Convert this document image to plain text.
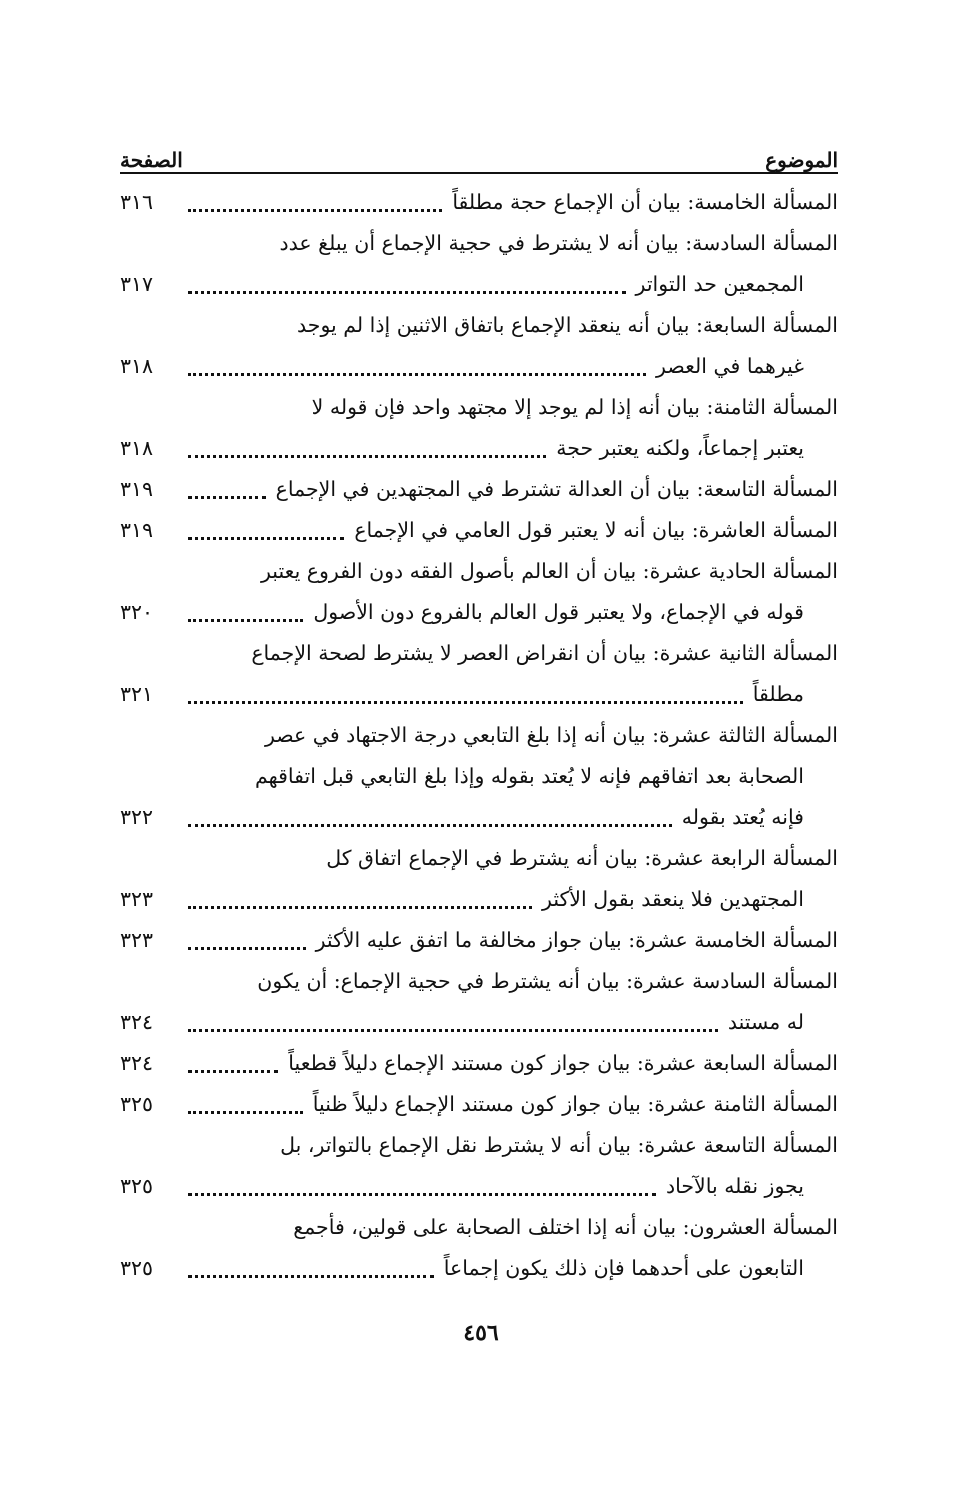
الموضوع
الصفحة
المسألة الخامسة: بيان أن الإجماع حجة مطلقاً
٣١٦
المسألة السادسة: بيان أنه لا يشترط في حجية الإجماع أن يبلغ عدد
المجمعين حد التواتر
٣١٧
المسألة السابعة: بيان أنه ينعقد الإجماع باتفاق الاثنين إذا لم يوجد
غيرهما في العصر
٣١٨
المسألة الثامنة: بيان أنه إذا لم يوجد إلا مجتهد واحد فإن قوله لا
يعتبر إجماعاً، ولكنه يعتبر حجة
٣١٨
المسألة التاسعة: بيان أن العدالة تشترط في المجتهدين في الإجماع
٣١٩
المسألة العاشرة: بيان أنه لا يعتبر قول العامي في الإجماع
٣١٩
المسألة الحادية عشرة: بيان أن العالم بأصول الفقه دون الفروع يعتبر
قوله في الإجماع، ولا يعتبر قول العالم بالفروع دون الأصول
٣٢٠
المسألة الثانية عشرة: بيان أن انقراض العصر لا يشترط لصحة الإجماع
مطلقاً
٣٢١
المسألة الثالثة عشرة: بيان أنه إذا بلغ التابعي درجة الاجتهاد في عصر
الصحابة بعد اتفاقهم فإنه لا يُعتد بقوله وإذا بلغ التابعي قبل اتفاقهم
فإنه يُعتد بقوله
٣٢٢
المسألة الرابعة عشرة: بيان أنه يشترط في الإجماع اتفاق كل
المجتهدين فلا ينعقد بقول الأكثر
٣٢٣
المسألة الخامسة عشرة: بيان جواز مخالفة ما اتفق عليه الأكثر
٣٢٣
المسألة السادسة عشرة: بيان أنه يشترط في حجية الإجماع: أن يكون
له مستند
٣٢٤
المسألة السابعة عشرة: بيان جواز كون مستند الإجماع دليلاً قطعياً
٣٢٤
المسألة الثامنة عشرة: بيان جواز كون مستند الإجماع دليلاً ظنياً
٣٢٥
المسألة التاسعة عشرة: بيان أنه لا يشترط نقل الإجماع بالتواتر، بل
يجوز نقله بالآحاد
٣٢٥
المسألة العشرون: بيان أنه إذا اختلف الصحابة على قولين، فأجمع
التابعون على أحدهما فإن ذلك يكون إجماعاً
٣٢٥
٤٥٦
